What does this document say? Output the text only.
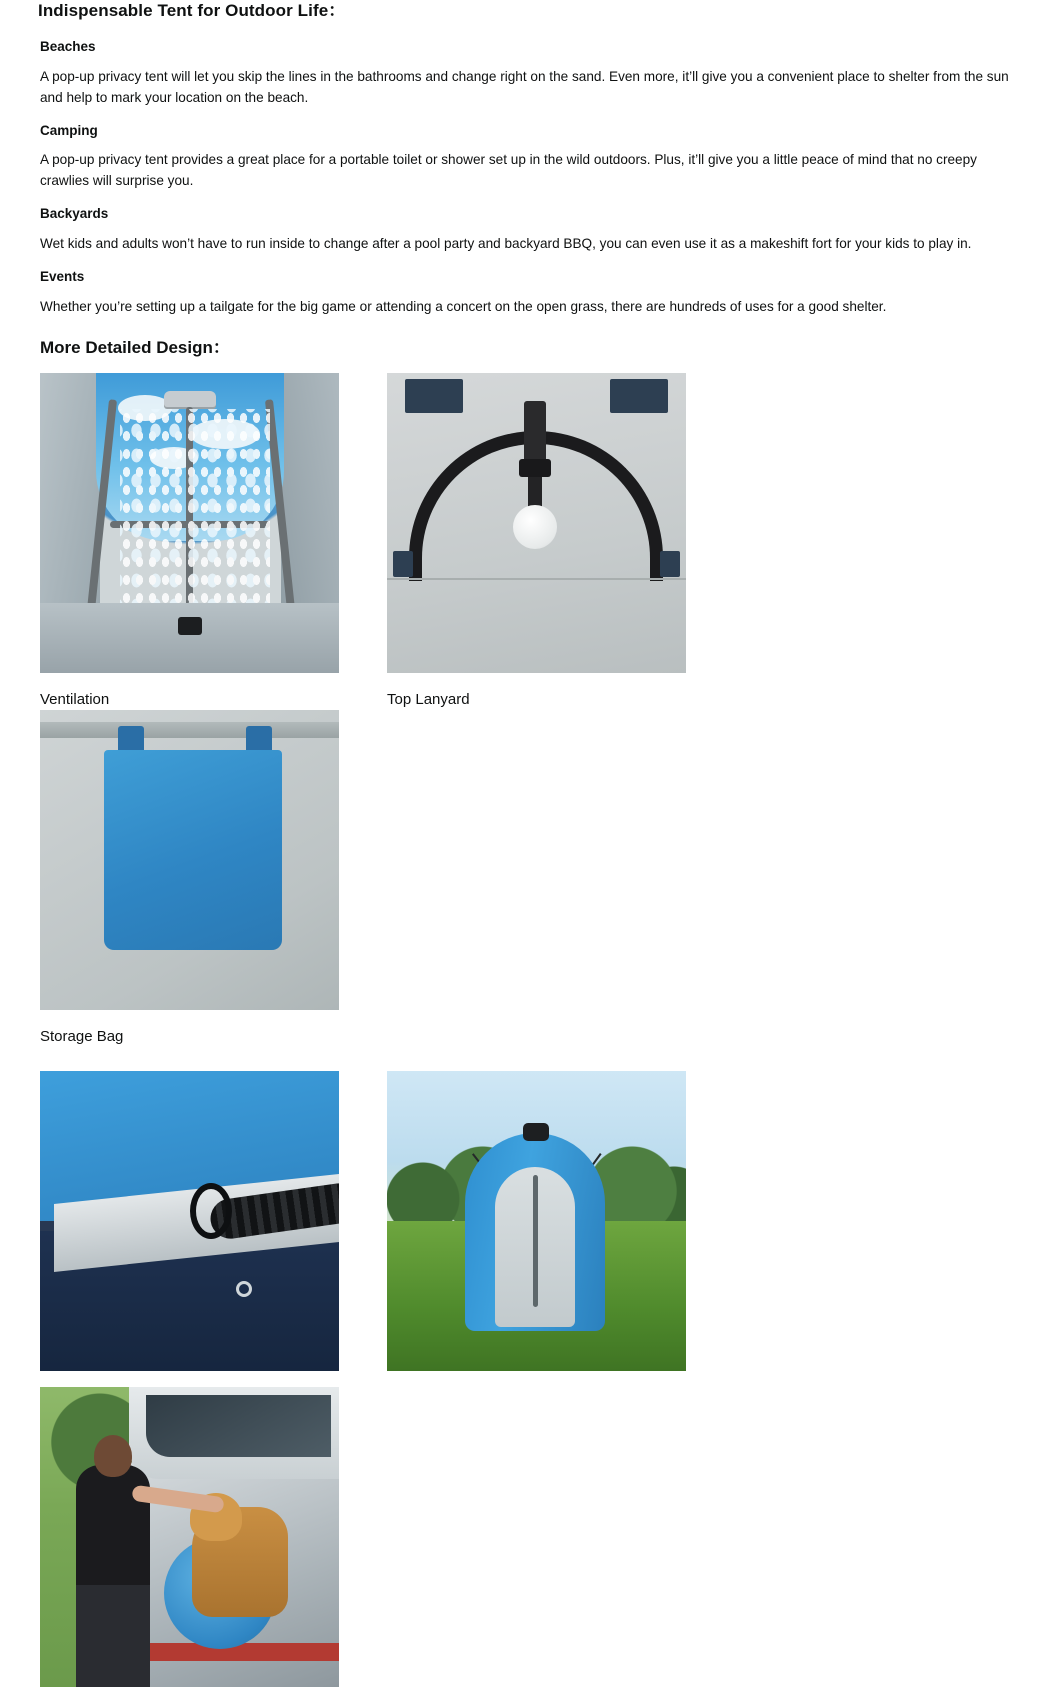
Indispensable Tent for Outdoor Life：
Beaches

A pop-up privacy tent will let you skip the lines in the bathrooms and change right on the sand. Even more, it’ll give you a convenient place to shelter from the sun and help to mark your location on the beach.

Camping

A pop-up privacy tent provides a great place for a portable toilet or shower set up in the wild outdoors. Plus, it’ll give you a little peace of mind that no creepy crawlies will surprise you.

Backyards

Wet kids and adults won’t have to run inside to change after a pool party and backyard BBQ, you can even use it as a makeshift fort for your kids to play in.

Events

Whether you’re setting up a tailgate for the big game or attending a concert on the open grass, there are hundreds of uses for a good shelter.

More Detailed Design：
Ventilation	Top Lanyard
Storage Bag
